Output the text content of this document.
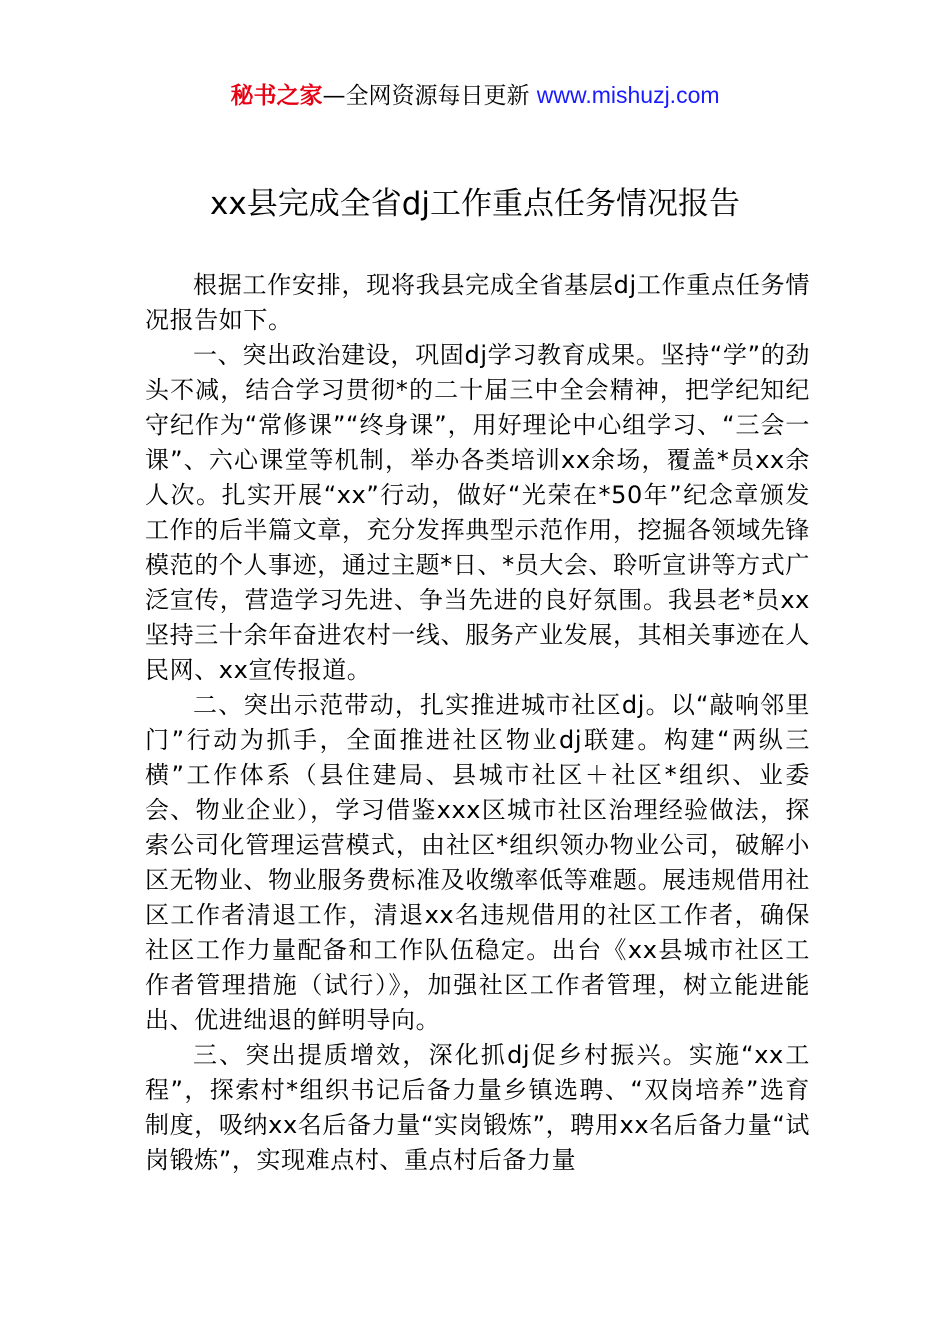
秘书之家—全网资源每日更新 www.mishuzj.com
xx县完成全省dj工作重点任务情况报告

根据工作安排，现将我县完成全省基层dj工作重点任务情况报告如下。

一、突出政治建设，巩固dj学习教育成果。坚持“学”的劲头不减，结合学习贯彻*的二十届三中全会精神，把学纪知纪守纪作为“常修课”“终身课”，用好理论中心组学习、“三会一课”、六心课堂等机制，举办各类培训xx余场，覆盖*员xx余人次。扎实开展“xx”行动，做好“光荣在*50年”纪念章颁发工作的后半篇文章，充分发挥典型示范作用，挖掘各领域先锋模范的个人事迹，通过主题*日、*员大会、聆听宣讲等方式广泛宣传，营造学习先进、争当先进的良好氛围。我县老*员xx坚持三十余年奋进农村一线、服务产业发展，其相关事迹在人民网、xx宣传报道。

二、突出示范带动，扎实推进城市社区dj。以“敲响邻里门”行动为抓手，全面推进社区物业dj联建。构建“两纵三横”工作体系（县住建局、县城市社区＋社区*组织、业委会、物业企业），学习借鉴xxx区城市社区治理经验做法，探索公司化管理运营模式，由社区*组织领办物业公司，破解小区无物业、物业服务费标准及收缴率低等难题。展违规借用社区工作者清退工作，清退xx名违规借用的社区工作者，确保社区工作力量配备和工作队伍稳定。出台《xx县城市社区工作者管理措施（试行）》，加强社区工作者管理，树立能进能出、优进绌退的鲜明导向。

三、突出提质增效，深化抓dj促乡村振兴。实施“xx工程”，探索村*组织书记后备力量乡镇选聘、“双岗培养”选育制度，吸纳xx名后备力量“实岗锻炼”，聘用xx名后备力量“试岗锻炼”，实现难点村、重点村后备力量
